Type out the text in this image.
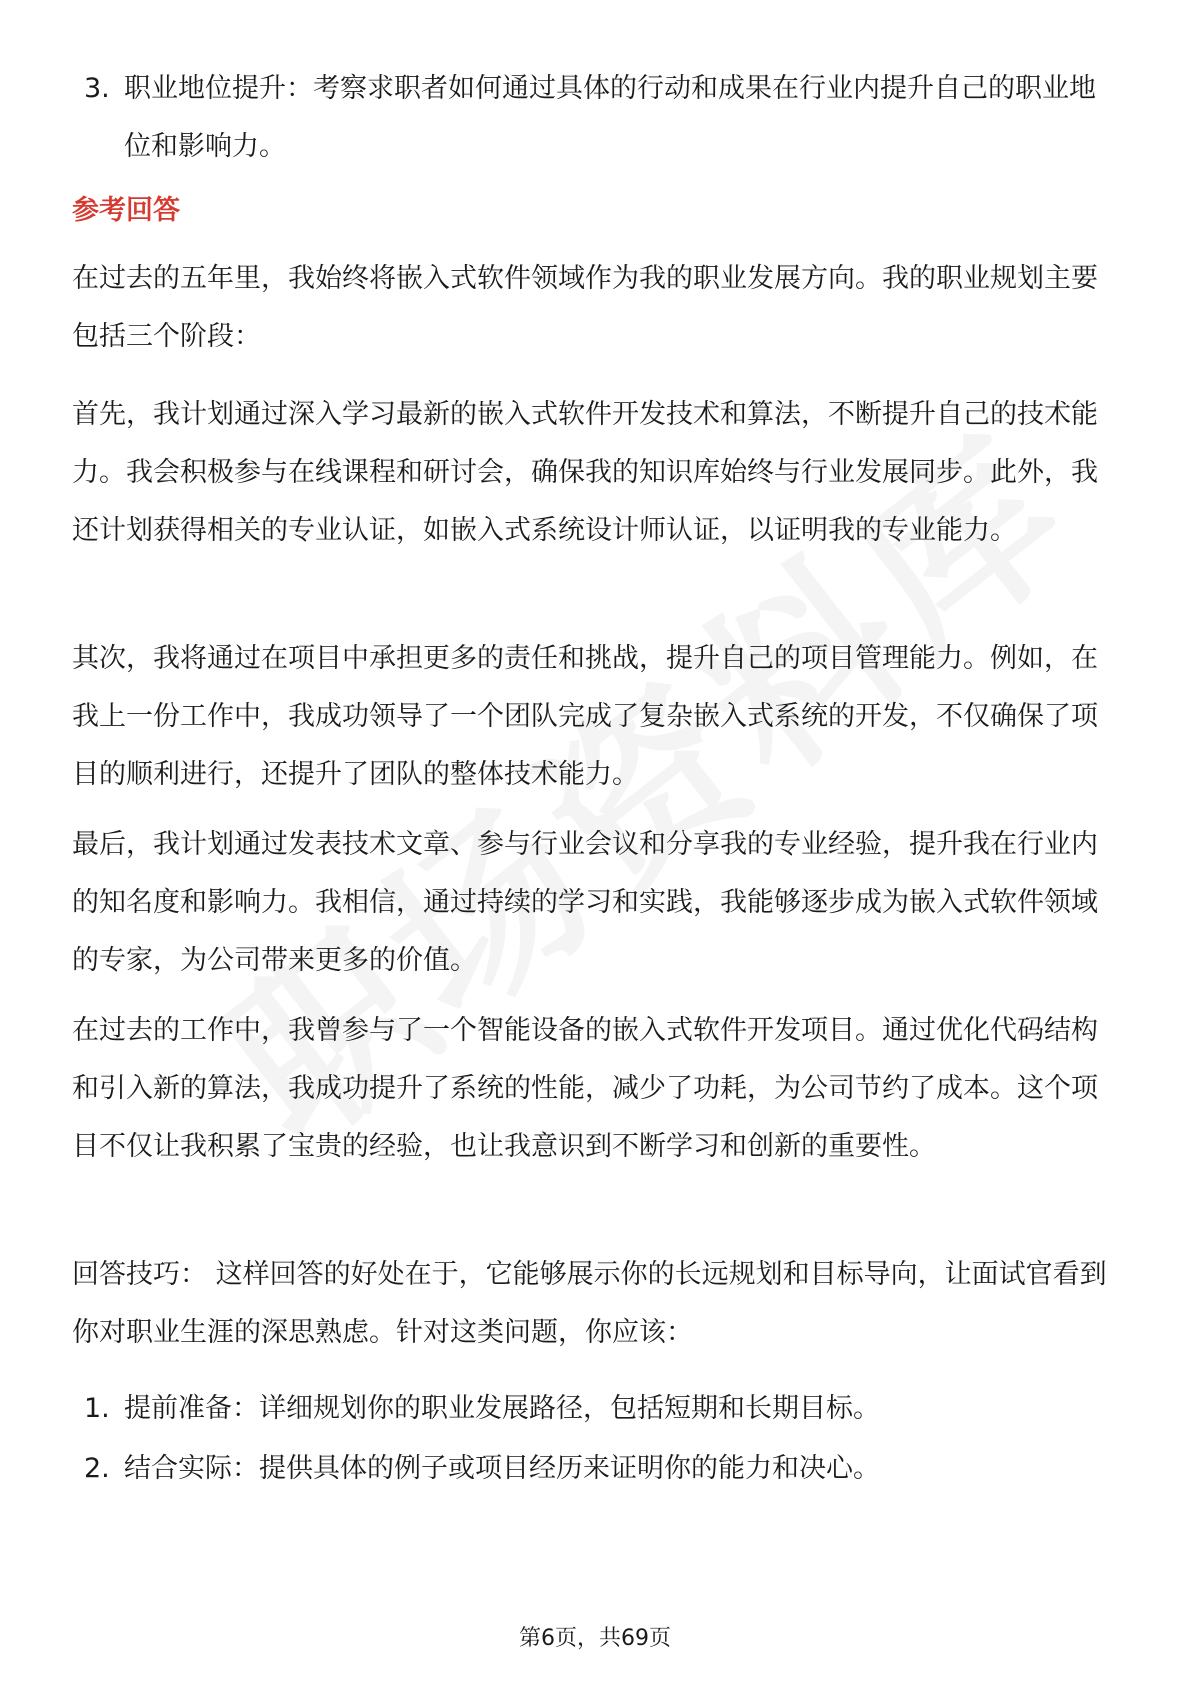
3. 职业地位提升：考察求职者如何通过具体的行动和成果在行业内提升自己的职业地位和影响力。

参考回答

在过去的五年里，我始终将嵌入式软件领域作为我的职业发展方向。我的职业规划主要包括三个阶段：

首先，我计划通过深入学习最新的嵌入式软件开发技术和算法，不断提升自己的技术能力。我会积极参与在线课程和研讨会，确保我的知识库始终与行业发展同步。此外，我还计划获得相关的专业认证，如嵌入式系统设计师认证，以证明我的专业能力。

其次，我将通过在项目中承担更多的责任和挑战，提升自己的项目管理能力。例如，在我上一份工作中，我成功领导了一个团队完成了复杂嵌入式系统的开发，不仅确保了项目的顺利进行，还提升了团队的整体技术能力。

最后，我计划通过发表技术文章、参与行业会议和分享我的专业经验，提升我在行业内的知名度和影响力。我相信，通过持续的学习和实践，我能够逐步成为嵌入式软件领域的专家，为公司带来更多的价值。

在过去的工作中，我曾参与了一个智能设备的嵌入式软件开发项目。通过优化代码结构和引入新的算法，我成功提升了系统的性能，减少了功耗，为公司节约了成本。这个项目不仅让我积累了宝贵的经验，也让我意识到不断学习和创新的重要性。

回答技巧： 这样回答的好处在于，它能够展示你的长远规划和目标导向，让面试官看到你对职业生涯的深思熟虑。针对这类问题，你应该：

1. 提前准备：详细规划你的职业发展路径，包括短期和长期目标。
2. 结合实际：提供具体的例子或项目经历来证明你的能力和决心。
第6页，共69页
